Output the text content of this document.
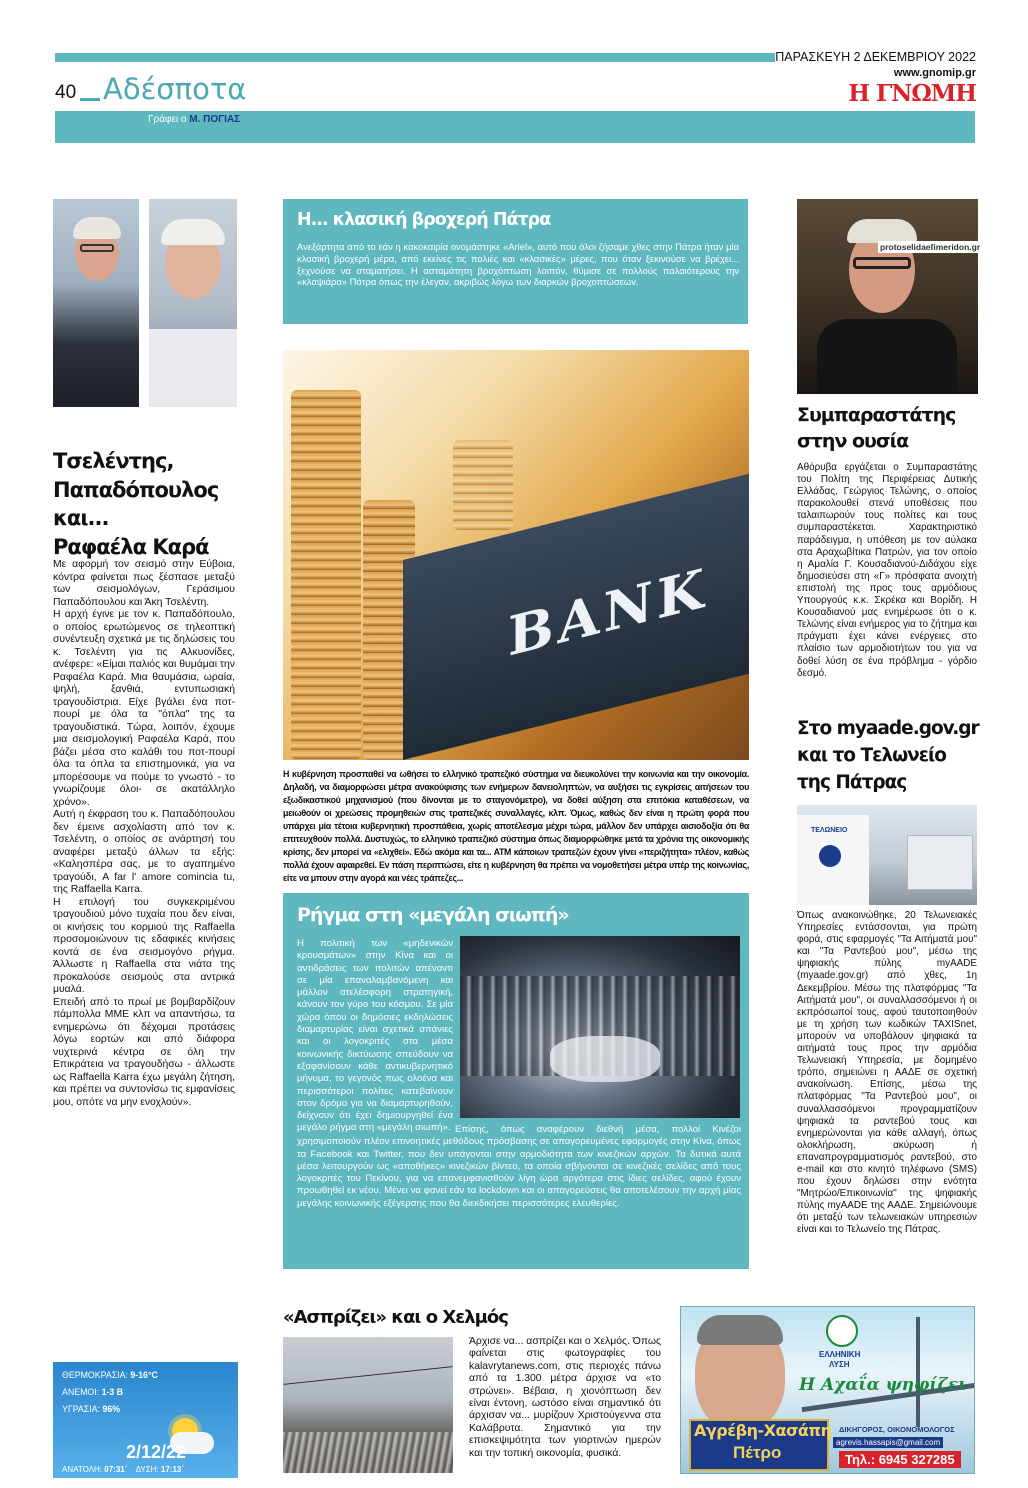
ΠΑΡΑΣΚΕΥΗ 2 ΔΕΚΕΜΒΡΙΟΥ 2022
www.gnomip.gr
Η ΓΝΩΜΗ
40 Αδέσποτα
Γράφει ο Μ. ΠΟΓΙΑΣ
Τσελέντης,
Παπαδόπουλος
και...
Ραφαέλα Καρά

Με αφορμή τον σεισμό στην Εύβοια, κόντρα φαίνεται πως ξέσπασε μεταξύ των σεισμολόγων, Γεράσιμου Παπαδόπουλου και Άκη Τσελέντη.
Η αρχή έγινε με τον κ. Παπαδόπουλο, ο οποίος ερωτώμενος σε τηλεοπτική συνέντευξη σχετικά με τις δηλώσεις του κ. Τσελέντη για τις Αλκυονίδες, ανέφερε: «Είμαι παλιός και θυμάμαι την Ραφαέλα Καρά. Μια θαυμάσια, ωραία, ψηλή, ξανθιά, εντυπωσιακή τραγουδίστρια. Είχε βγάλει ένα ποτ-πουρί με όλα τα "όπλα" της τα τραγουδιστικά. Τώρα, λοιπόν, έχουμε μια σεισμολογική Ραφαέλα Καρά, που βάζει μέσα στο καλάθι του ποτ-πουρί όλα τα όπλα τα επιστημονικά, για να μπορέσουμε να πούμε το γνωστό - το γνωρίζουμε όλοι- σε ακατάλληλο χρόνο».
Αυτή η έκφραση του κ. Παπαδόπουλου δεν έμεινε ασχολίαστη από τον κ. Τσελέντη, ο οποίος σε ανάρτησή του αναφέρει μεταξύ άλλων τα εξής: «Καλησπέρα σας, με το αγαπημένο τραγούδι, A far l' amore comincia tu, της Raffaella Karra.
Η επιλογή του συγκεκριμένου τραγουδιού μόνο τυχαία που δεν είναι, οι κινήσεις του κορμιού της Raffaella προσομοιώνουν τις εδαφικές κινήσεις κοντά σε ένα σεισμογόνο ρήγμα. Άλλωστε η Raffaella στα νιάτα της προκαλούσε σεισμούς στα αντρικά μυαλά.
Επειδή από το πρωί με βομβαρδίζουν πάμπολλα ΜΜΕ κλπ να απαντήσω, τα ενημερώνω ότι δέχομαι προτάσεις λόγω εορτών και από διάφορα νυχτερινά κέντρα σε όλη την Επικράτεια να τραγουδήσω - άλλωστε ως Raffaella Karra έχω μεγάλη ζήτηση, και πρέπει να συντονίσω τις εμφανίσεις μου, οπότε να μην ενοχλούν».

ΘΕΡΜΟΚΡΑΣΙΑ: 9-16°C
ΑΝΕΜΟΙ: 1-3 Β
ΥΓΡΑΣΙΑ: 96%
2/12/22
ΑΝΑΤΟΛΗ: 07:31΄ ΔΥΣΗ: 17:13΄
Η... κλασική βροχερή Πάτρα

Ανεξάρτητα από το εάν η κακοκαιρία ονομάστηκε «Ariel», αυτό που όλοι ζήσαμε χθες στην Πάτρα ήταν μία κλασική βροχερή μέρα, από εκείνες τις παλιές και «κλασικές» μέρες, που όταν ξεκινούσε να βρέχει... ξεχνούσε να σταματήσει. Η ασταμάτητη βροχόπτωση λοιπόν, θύμισε σε πολλούς παλαιότερους την «κλαψιάρα» Πάτρα όπως την έλεγαν, ακριβώς λόγω των διαρκών βροχοπτώσεων.

BANK

Η κυβέρνηση προσπαθεί να ωθήσει το ελληνικό τραπεζικό σύστημα να διευκολύνει την κοινωνία και την οικονομία. Δηλαδή, να διαμορφώσει μέτρα ανακούφισης των ενήμερων δανειοληπτών, να αυξήσει τις εγκρίσεις αιτήσεων του εξωδικαστικού μηχανισμού (που δίνονται με το σταγονόμετρο), να δοθεί αύξηση στα επιτόκια καταθέσεων, να μειωθούν οι χρεώσεις προμηθειών στις τραπεζικές συναλλαγές, κλπ. Όμως, καθώς δεν είναι η πρώτη φορά που υπάρχει μία τέτοια κυβερνητική προσπάθεια, χωρίς αποτέλεσμα μέχρι τώρα, μάλλον δεν υπάρχει αισιοδοξία ότι θα επιτευχθούν πολλά. Δυστυχώς, το ελληνικό τραπεζικό σύστημα όπως διαμορφώθηκε μετά τα χρόνια της οικονομικής κρίσης, δεν μπορεί να «ελιχθεί». Εδώ ακόμα και τα... ΑΤΜ κάποιων τραπεζών έχουν γίνει «περιζήτητα» πλέον, καθώς πολλά έχουν αφαιρεθεί. Εν πάση περιπτώσει, είτε η κυβέρνηση θα πρέπει να νομοθετήσει μέτρα υπέρ της κοινωνίας, είτε να μπουν στην αγορά και νέες τράπεζες...

Ρήγμα στη «μεγάλη σιωπή»

Η πολιτική των «μηδενικών κρουσμάτων» στην Κίνα και οι αντιδράσεις των πολιτών απέναντι σε μία επαναλαμβανόμενη και μάλλον ατελέσφορη στρατηγική, κάνουν τον γύρο του κόσμου. Σε μία χώρα όπου οι δημόσιες εκδηλώσεις διαμαρτυρίας είναι σχετικά σπάνιες και οι λογοκριτές στα μέσα κοινωνικής δικτύωσης σπεύδουν να εξαφανίσουν κάθε αντικυβερνητικό μήνυμα, το γεγονός πως ολοένα και περισσότεροι πολίτες κατεβαίνουν στον δρόμο για να διαμαρτυρηθούν, δείχνουν ότι έχει δημιουργηθεί ένα μεγάλο ρήγμα στη «μεγάλη σιωπή». Επίσης, όπως αναφέρουν διεθνή μέσα, πολλοί Κινέζοι χρησιμοποιούν πλέον επινοητικές μεθόδους πρόσβασης σε απαγορευμένες εφαρμογές στην Κίνα, όπως τα Facebook και Twitter, που δεν υπάγονται στην αρμοδιότητα των κινεζικών αρχών. Τα δυτικά αυτά μέσα λειτουργούν ως «αποθήκες» κινεζικών βίντεο, τα οποία σβήνονται σε κινεζικές σελίδες από τους λογοκριτές του Πεκίνου, για να επανεμφανισθούν λίγη ώρα αργότερα στις ίδιες σελίδες, αφού έχουν προωθηθεί εκ νέου. Μένει να φανεί εάν τα lockdown και οι απαγορεύσεις θα αποτελέσουν την αρχή μίας μεγάλης κοινωνικής εξέγερσης που θα διεκδικήσει περισσότερες ελευθερίες.

«Ασπρίζει» και ο Χελμός

Άρχισε να... ασπρίζει και ο Χελμός. Όπως φαίνεται στις φωτογραφίες του kalavrytanews.com, στις περιοχές πάνω από τα 1.300 μέτρα άρχισε να «το στρώνει». Βέβαια, η χιονόπτωση δεν είναι έντονη, ωστόσο είναι σημαντικό ότι άρχισαν να... μυρίζουν Χριστούγεννα στα Καλάβρυτα. Σημαντικό για την επισκεψιμότητα των γιορτινών ημερών και την τοπική οικονομία, φυσικά.

protoselidaefimeridon.gr
Συμπαραστάτης
στην ουσία

Αθόρυβα εργάζεται ο Συμπαραστάτης του Πολίτη της Περιφέρειας Δυτικής Ελλάδας, Γεώργιος Τελώνης, ο οποίος παρακολουθεί στενά υποθέσεις που ταλαιπωρούν τους πολίτες και τους συμπαραστέκεται. Χαρακτηριστικό παράδειγμα, η υπόθεση με τον αύλακα στα Αραχωβίτικα Πατρών, για τον οποίο η Αμαλία Γ. Κουσαδιανού-Διδάχου είχε δημοσιεύσει στη «Γ» πρόσφατα ανοιχτή επιστολή της προς τους αρμόδιους Υπουργούς κ.κ. Σκρέκα και Βορίδη. Η Κουσαδιανού μας ενημέρωσε ότι ο κ. Τελώνης είναι ενήμερος για το ζήτημα και πράγματι έχει κάνει ενέργειες στο πλαίσιο των αρμοδιοτήτων του για να δοθεί λύση σε ένα πρόβλημα - γόρδιο δεσμό.

Στο myaade.gov.gr
και το Τελωνείο
της Πάτρας
ΤΕΛΩΝΕΙΟ

Όπως ανακοινώθηκε, 20 Τελωνειακές Υπηρεσίες εντάσσονται, για πρώτη φορά, στις εφαρμογές "Τα Αιτήματά μου" και "Τα Ραντεβού μου", μέσω της ψηφιακής πύλης myAADE (myaade.gov.gr) από χθες, 1η Δεκεμβρίου. Μέσω της πλατφόρμας "Τα Αιτήματά μου", οι συναλλασσόμενοι ή οι εκπρόσωποί τους, αφού ταυτοποιηθούν με τη χρήση των κωδικών TAXISnet, μπορούν να υποβάλουν ψηφιακά τα αιτήματά τους προς την αρμόδια Τελωνειακή Υπηρεσία, με δομημένο τρόπο, σημειώνει η ΑΑΔΕ σε σχετική ανακοίνωση. Επίσης, μέσω της πλατφόρμας "Τα Ραντεβού μου", οι συναλλασσόμενοι προγραμματίζουν ψηφιακά τα ραντεβού τους και ενημερώνονται για κάθε αλλαγή, όπως ολοκλήρωση, ακύρωση ή επαναπρογραμματισμός ραντεβού, στο e-mail και στο κινητό τηλέφωνο (SMS) που έχουν δηλώσει στην ενότητα "Μητρώο/Επικοινωνία" της ψηφιακής πύλης myAADE της ΑΑΔΕ. Σημειώνουμε ότι μεταξύ των τελωνειακών υπηρεσιών είναι και το Τελωνείο της Πάτρας.

ΕΛΛΗΝΙΚΗ
ΛΥΣΗ
Η Αχαΐα ψηφίζει
Αγρέβη-Χασάπη
Πέτρο
ΔΙΚΗΓΟΡΟΣ, ΟΙΚΟΝΟΜΟΛΟΓΟΣ
agrevis.hassapis@gmail.com
Τηλ.: 6945 327285
